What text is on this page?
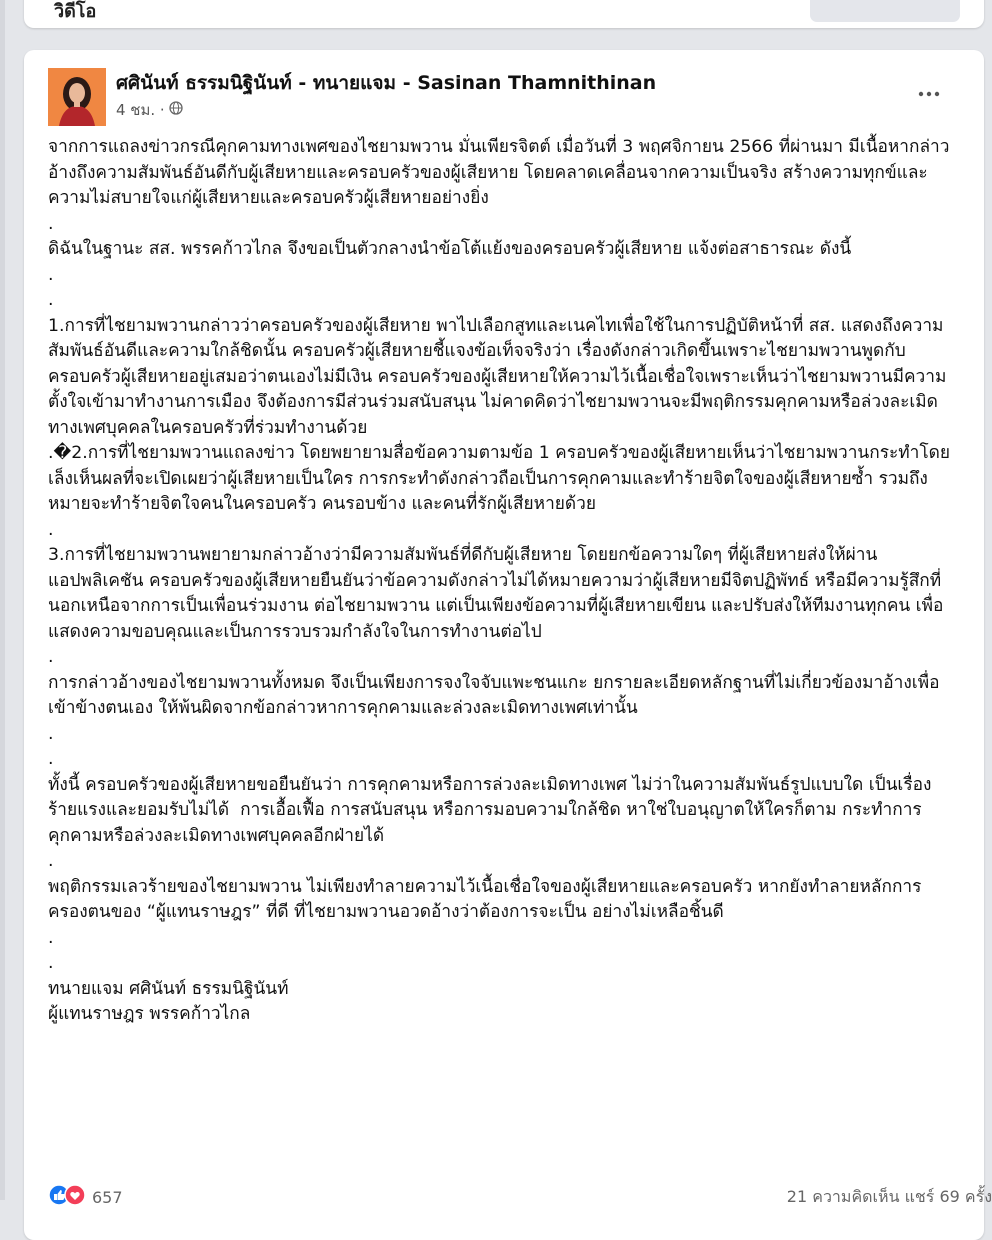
วิดีโอ
ศศินันท์ ธรรมนิฐินันท์ - ทนายแจม - Sasinan Thamnithinan
4 ชม. ·

จากการแถลงข่าวกรณีคุกคามทางเพศของไชยามพวาน มั่นเพียรจิตต์ เมื่อวันที่ 3 พฤศจิกายน 2566 ที่ผ่านมา มีเนื้อหากล่าวอ้างถึงความสัมพันธ์อันดีกับผู้เสียหายและครอบครัวของผู้เสียหาย โดยคลาดเคลื่อนจากความเป็นจริง สร้างความทุกข์และความไม่สบายใจแก่ผู้เสียหายและครอบครัวผู้เสียหายอย่างยิ่ง

.

ดิฉันในฐานะ สส. พรรคก้าวไกล จึงขอเป็นตัวกลางนำข้อโต้แย้งของครอบครัวผู้เสียหาย แจ้งต่อสาธารณะ ดังนี้

.

.

1.การที่ไชยามพวานกล่าวว่าครอบครัวของผู้เสียหาย พาไปเลือกสูทและเนคไทเพื่อใช้ในการปฏิบัติหน้าที่ สส. แสดงถึงความสัมพันธ์อันดีและความใกล้ชิดนั้น ครอบครัวผู้เสียหายชี้แจงข้อเท็จจริงว่า เรื่องดังกล่าวเกิดขึ้นเพราะไชยามพวานพูดกับครอบครัวผู้เสียหายอยู่เสมอว่าตนเองไม่มีเงิน ครอบครัวของผู้เสียหายให้ความไว้เนื้อเชื่อใจเพราะเห็นว่าไชยามพวานมีความตั้งใจเข้ามาทำงานการเมือง จึงต้องการมีส่วนร่วมสนับสนุน ไม่คาดคิดว่าไชยามพวานจะมีพฤติกรรมคุกคามหรือล่วงละเมิดทางเพศบุคคลในครอบครัวที่ร่วมทำงานด้วย

.�2.การที่ไชยามพวานแถลงข่าว โดยพยายามสื่อข้อความตามข้อ 1 ครอบครัวของผู้เสียหายเห็นว่าไชยามพวานกระทำโดยเล็งเห็นผลที่จะเปิดเผยว่าผู้เสียหายเป็นใคร การกระทำดังกล่าวถือเป็นการคุกคามและทำร้ายจิตใจของผู้เสียหายซ้ำ รวมถึงหมายจะทำร้ายจิตใจคนในครอบครัว คนรอบข้าง และคนที่รักผู้เสียหายด้วย

.

3.การที่ไชยามพวานพยายามกล่าวอ้างว่ามีความสัมพันธ์ที่ดีกับผู้เสียหาย โดยยกข้อความใดๆ ที่ผู้เสียหายส่งให้ผ่านแอปพลิเคชัน ครอบครัวของผู้เสียหายยืนยันว่าข้อความดังกล่าวไม่ได้หมายความว่าผู้เสียหายมีจิตปฏิพัทธ์ หรือมีความรู้สึกที่นอกเหนือจากการเป็นเพื่อนร่วมงาน ต่อไชยามพวาน แต่เป็นเพียงข้อความที่ผู้เสียหายเขียน และปรับส่งให้ทีมงานทุกคน เพื่อแสดงความขอบคุณและเป็นการรวบรวมกำลังใจในการทำงานต่อไป

.

การกล่าวอ้างของไชยามพวานทั้งหมด จึงเป็นเพียงการจงใจจับแพะชนแกะ ยกรายละเอียดหลักฐานที่ไม่เกี่ยวข้องมาอ้างเพื่อเข้าข้างตนเอง ให้พ้นผิดจากข้อกล่าวหาการคุกคามและล่วงละเมิดทางเพศเท่านั้น

.

.

ทั้งนี้ ครอบครัวของผู้เสียหายขอยืนยันว่า การคุกคามหรือการล่วงละเมิดทางเพศ ไม่ว่าในความสัมพันธ์รูปแบบใด เป็นเรื่องร้ายแรงและยอมรับไม่ได้  การเอื้อเฟื้อ การสนับสนุน หรือการมอบความใกล้ชิด หาใช่ใบอนุญาตให้ใครก็ตาม กระทำการคุกคามหรือล่วงละเมิดทางเพศบุคคลอีกฝ่ายได้

.

พฤติกรรมเลวร้ายของไชยามพวาน ไม่เพียงทำลายความไว้เนื้อเชื่อใจของผู้เสียหายและครอบครัว หากยังทำลายหลักการครองตนของ “ผู้แทนราษฎร” ที่ดี ที่ไชยามพวานอวดอ้างว่าต้องการจะเป็น อย่างไม่เหลือชิ้นดี

.

.

ทนายแจม ศศินันท์ ธรรมนิฐินันท์
ผู้แทนราษฎร พรรคก้าวไกล

657	21 ความคิดเห็น แชร์ 69 ครั้ง
